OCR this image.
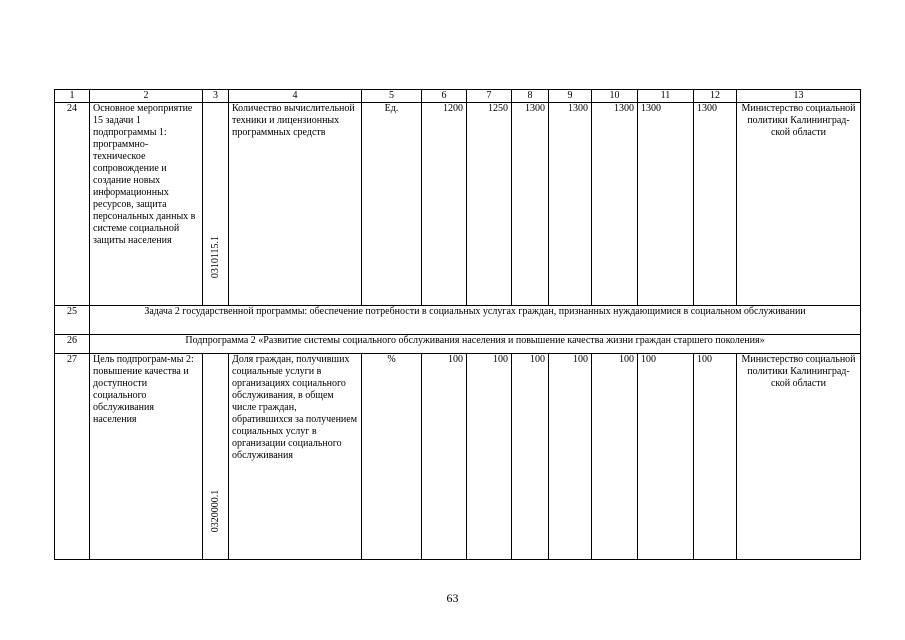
1	2	3	4	5	6	7	8	9	10	11	12	13
24	Основное мероприятие 15 задачи 1 подпрограммы 1: программно-техническое сопровождение и создание новых информационных ресурсов, защита персональных данных в системе социальной защиты населения	0310115.1	Количество вычислительной техники и лицензионных программных средств	Ед.	1200	1250	1300	1300	1300	1300	1300	Министерство социальной политики Калининград-ской области
25	Задача 2 государственной программы: обеспечение потребности в социальных услугах граждан, признанных нуждающимися в социальном обслуживании											
26	Подпрограмма 2 «Развитие системы социального обслуживания населения и повышение качества жизни граждан старшего поколения»											
27	Цель подпрограм-мы 2: повышение качества и доступности социального обслуживания населения	0320000.1	Доля граждан, получивших социальные услуги в организациях социального обслуживания, в общем числе граждан, обратившихся за получением социальных услуг в организации социального обслуживания	%	100	100	100	100	100	100	100	Министерство социальной политики Калининград-ской области
63
